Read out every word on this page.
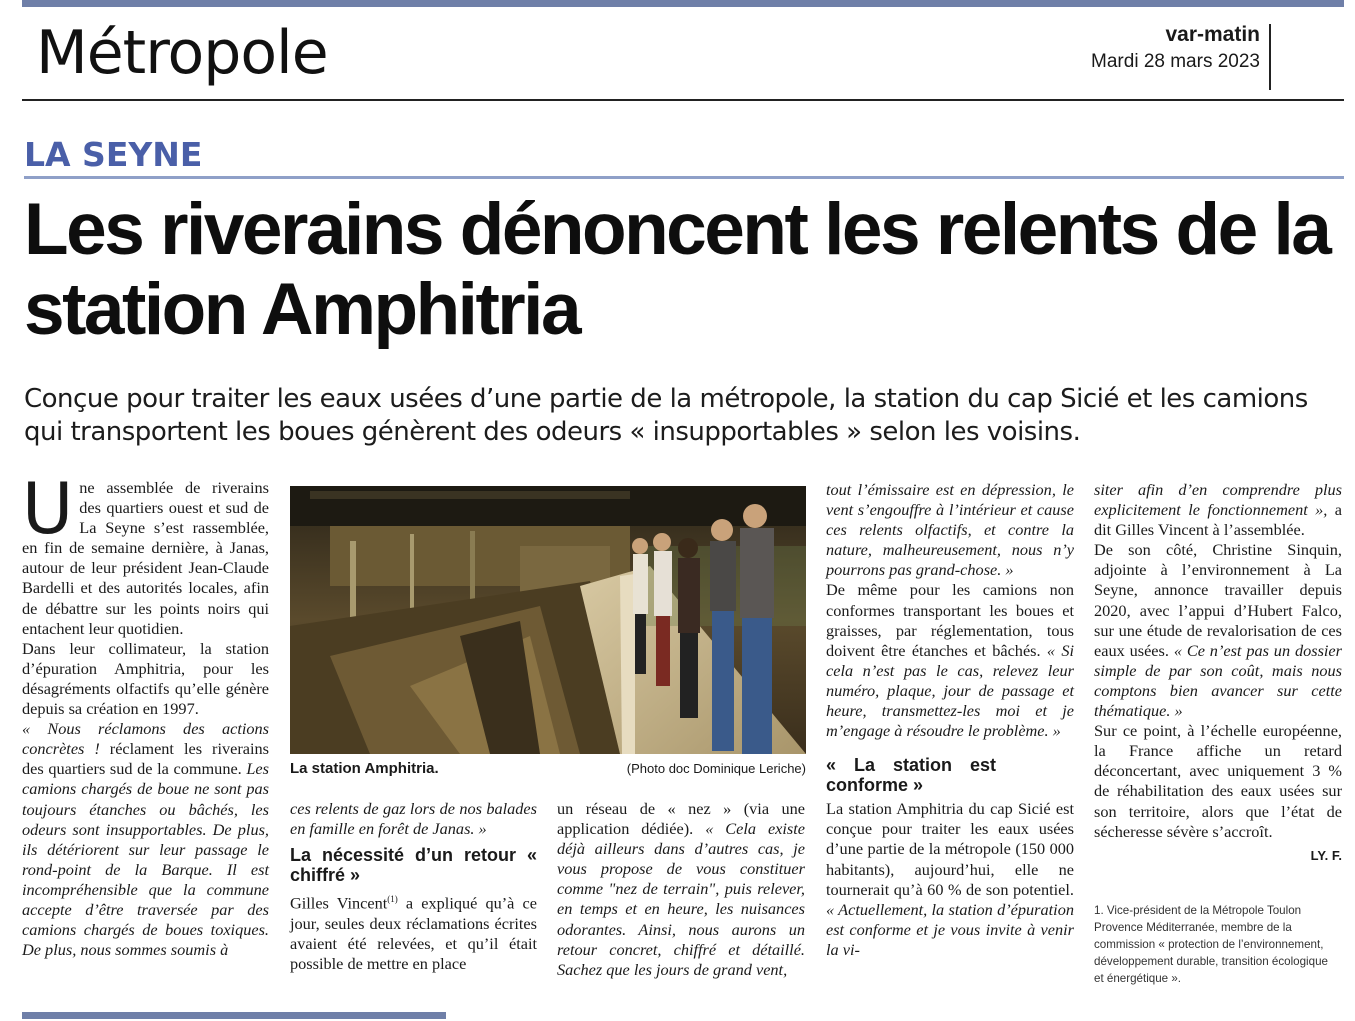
Métropole	var-matin
Mardi 28 mars 2023
LA SEYNE
Les riverains dénoncent les relents de la station Amphitria
Conçue pour traiter les eaux usées d’une partie de la métropole, la station du cap Sicié et les camions qui transportent les boues génèrent des odeurs « insupportables » selon les voisins.

Une assemblée de riverains des quartiers ouest et sud de La Seyne s’est rassemblée, en fin de semaine dernière, à Janas, autour de leur président Jean-Claude Bardelli et des autorités locales, afin de débattre sur les points noirs qui entachent leur quotidien.

Dans leur collimateur, la station d’épuration Amphitria, pour les désagréments olfactifs qu’elle génère depuis sa création en 1997.

« Nous réclamons des actions concrètes ! réclament les riverains des quartiers sud de la commune. Les camions chargés de boue ne sont pas toujours étanches ou bâchés, les odeurs sont insupportables. De plus, ils détériorent sur leur passage le rond-point de la Barque. Il est incompréhensible que la commune accepte d’être traversée par des camions chargés de boues toxiques. De plus, nous sommes soumis à

La station Amphitria.	(Photo doc Dominique Leriche)

ces relents de gaz lors de nos balades en famille en forêt de Janas. »

La nécessité d’un retour « chiffré »

Gilles Vincent$^{(1)}$ a expliqué qu’à ce jour, seules deux réclamations écrites avaient été relevées, et qu’il était possible de mettre en place

un réseau de « nez » (via une application dédiée). « Cela existe déjà ailleurs dans d’autres cas, je vous propose de vous constituer comme "nez de terrain", puis relever, en temps et en heure, les nuisances odorantes. Ainsi, nous aurons un retour concret, chiffré et détaillé. Sachez que les jours de grand vent,

tout l’émissaire est en dépression, le vent s’engouffre à l’intérieur et cause ces relents olfactifs, et contre la nature, malheureusement, nous n’y pourrons pas grand-chose. »

De même pour les camions non conformes transportant les boues et graisses, par réglementation, tous doivent être étanches et bâchés. « Si cela n’est pas le cas, relevez leur numéro, plaque, jour de passage et heure, transmettez-les moi et je m’engage à résoudre le problème. »

« La station est conforme »

La station Amphitria du cap Sicié est conçue pour traiter les eaux usées d’une partie de la métropole (150 000 habitants), aujourd’hui, elle ne tournerait qu’à 60 % de son potentiel. « Actuellement, la station d’épuration est conforme et je vous invite à venir la vi-

siter afin d’en comprendre plus explicitement le fonctionnement », a dit Gilles Vincent à l’assemblée.

De son côté, Christine Sinquin, adjointe à l’environnement à La Seyne, annonce travailler depuis 2020, avec l’appui d’Hubert Falco, sur une étude de revalorisation de ces eaux usées. « Ce n’est pas un dossier simple de par son coût, mais nous comptons bien avancer sur cette thématique. »

Sur ce point, à l’échelle européenne, la France affiche un retard déconcertant, avec uniquement 3 % de réhabilitation des eaux usées sur son territoire, alors que l’état de sécheresse sévère s’accroît.

LY. F.

1. Vice-président de la Métropole Toulon Provence Méditerranée, membre de la commission « protection de l’environnement, développement durable, transition écologique et énergétique ».
